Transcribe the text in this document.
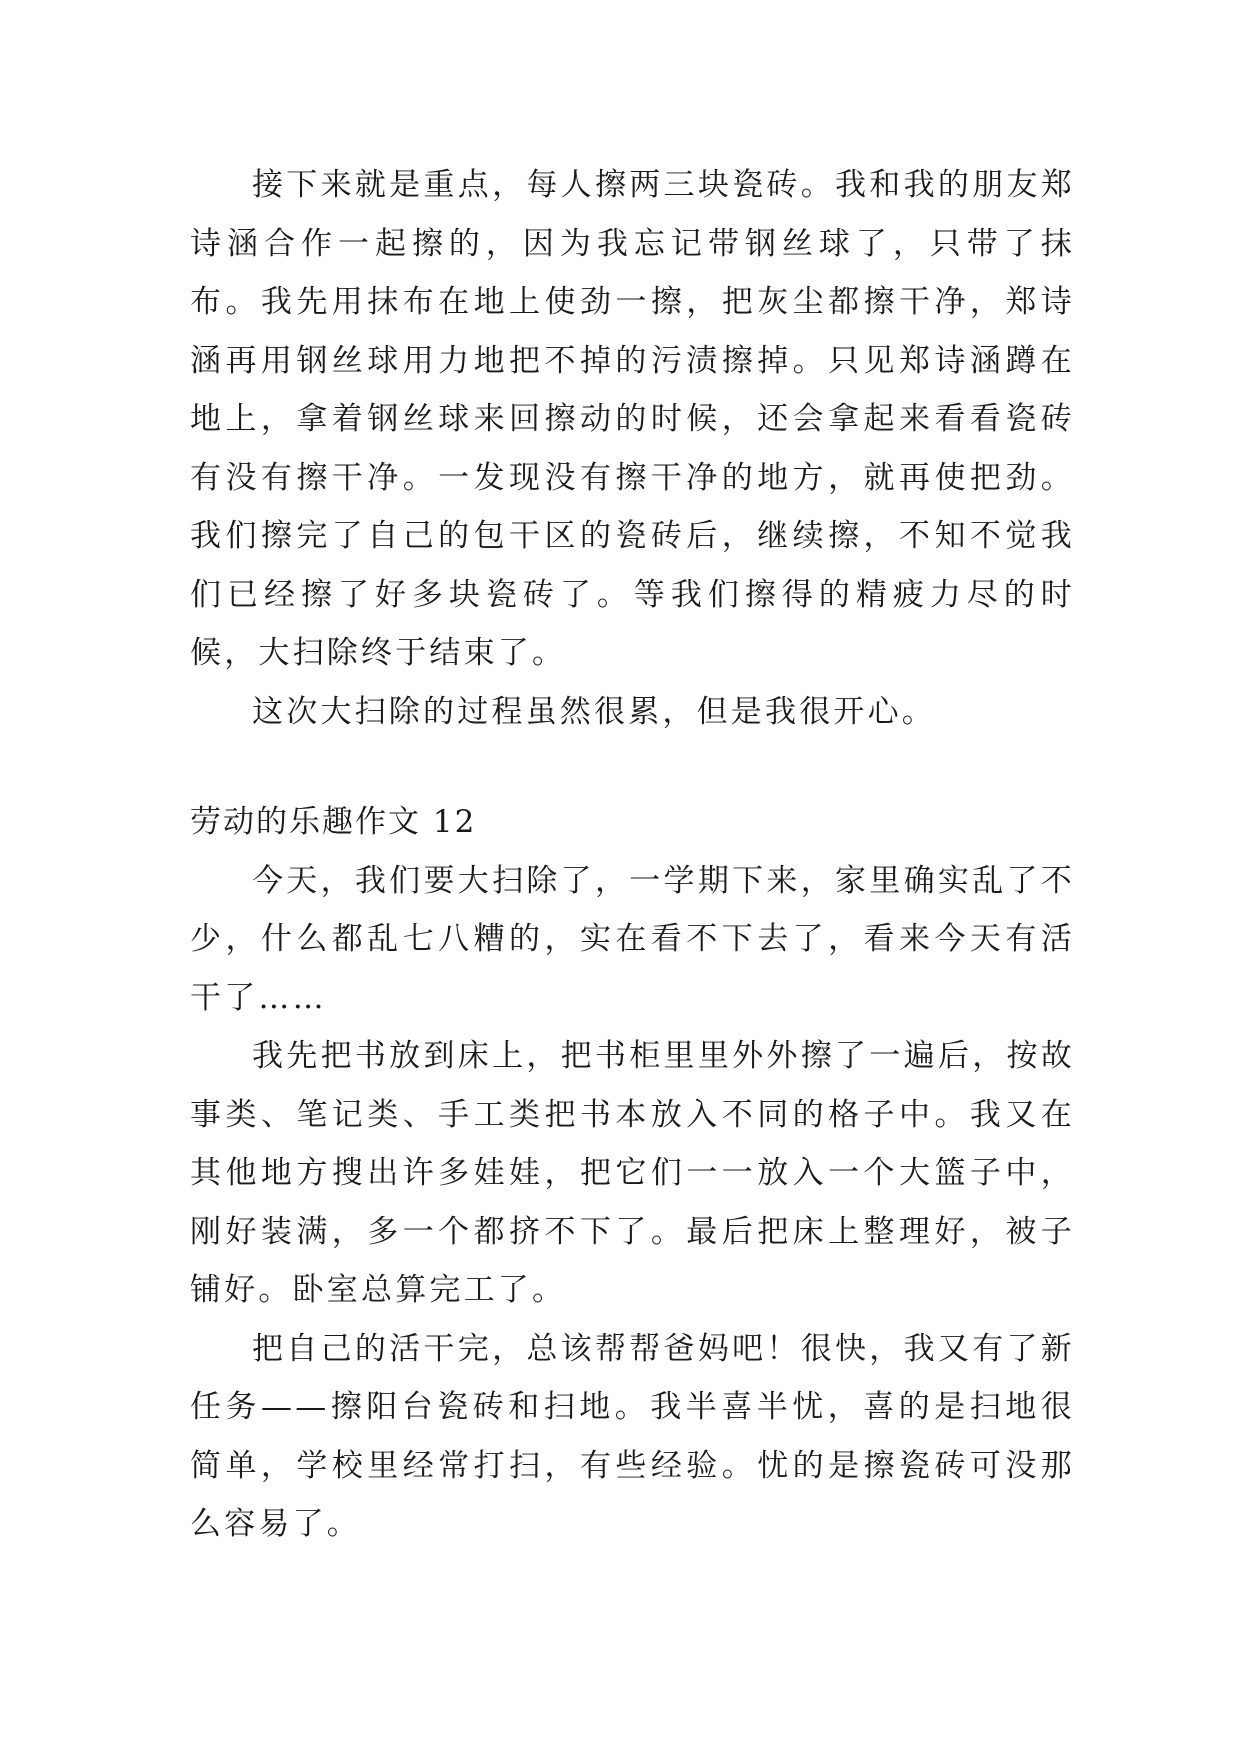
接下来就是重点，每人擦两三块瓷砖。我和我的朋友郑诗涵合作一起擦的，因为我忘记带钢丝球了，只带了抹布。我先用抹布在地上使劲一擦，把灰尘都擦干净，郑诗涵再用钢丝球用力地把不掉的污渍擦掉。只见郑诗涵蹲在地上，拿着钢丝球来回擦动的时候，还会拿起来看看瓷砖有没有擦干净。一发现没有擦干净的地方，就再使把劲。我们擦完了自己的包干区的瓷砖后，继续擦，不知不觉我们已经擦了好多块瓷砖了。等我们擦得的精疲力尽的时候，大扫除终于结束了。

这次大扫除的过程虽然很累，但是我很开心。

劳动的乐趣作文 12

今天，我们要大扫除了，一学期下来，家里确实乱了不少，什么都乱七八糟的，实在看不下去了，看来今天有活干了……

我先把书放到床上，把书柜里里外外擦了一遍后，按故事类、笔记类、手工类把书本放入不同的格子中。我又在其他地方搜出许多娃娃，把它们一一放入一个大篮子中，刚好装满，多一个都挤不下了。最后把床上整理好，被子铺好。卧室总算完工了。

把自己的活干完，总该帮帮爸妈吧！很快，我又有了新任务——擦阳台瓷砖和扫地。我半喜半忧，喜的是扫地很简单，学校里经常打扫，有些经验。忧的是擦瓷砖可没那么容易了。
